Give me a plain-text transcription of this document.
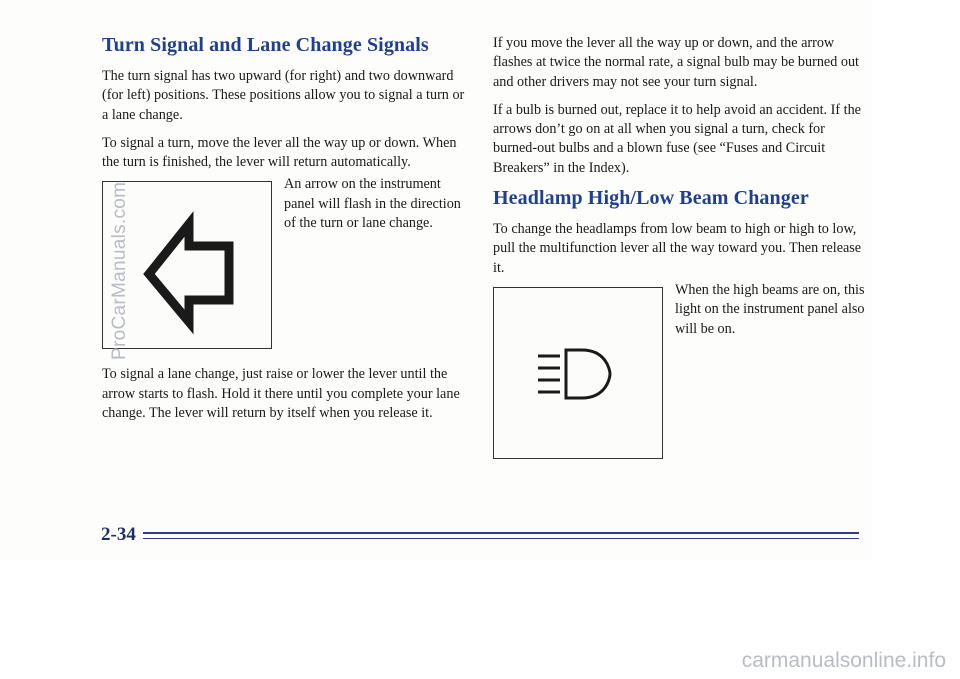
Turn Signal and Lane Change Signals

The turn signal has two upward (for right) and two downward (for left) positions. These positions allow you to signal a turn or a lane change.

To signal a turn, move the lever all the way up or down. When the turn is finished, the lever will return automatically.

An arrow on the instrument panel will flash in the direction of the turn or lane change.

To signal a lane change, just raise or lower the lever until the arrow starts to flash. Hold it there until you complete your lane change. The lever will return by itself when you release it.

If you move the lever all the way up or down, and the arrow flashes at twice the normal rate, a signal bulb may be burned out and other drivers may not see your turn signal.

If a bulb is burned out, replace it to help avoid an accident. If the arrows don’t go on at all when you signal a turn, check for burned-out bulbs and a blown fuse (see “Fuses and Circuit Breakers” in the Index).

Headlamp High/Low Beam Changer

To change the headlamps from low beam to high or high to low, pull the multifunction lever all the way toward you. Then release it.

When the high beams are on, this light on the instrument panel also will be on.
ProCarManuals.com
2-34
carmanualsonline.info
